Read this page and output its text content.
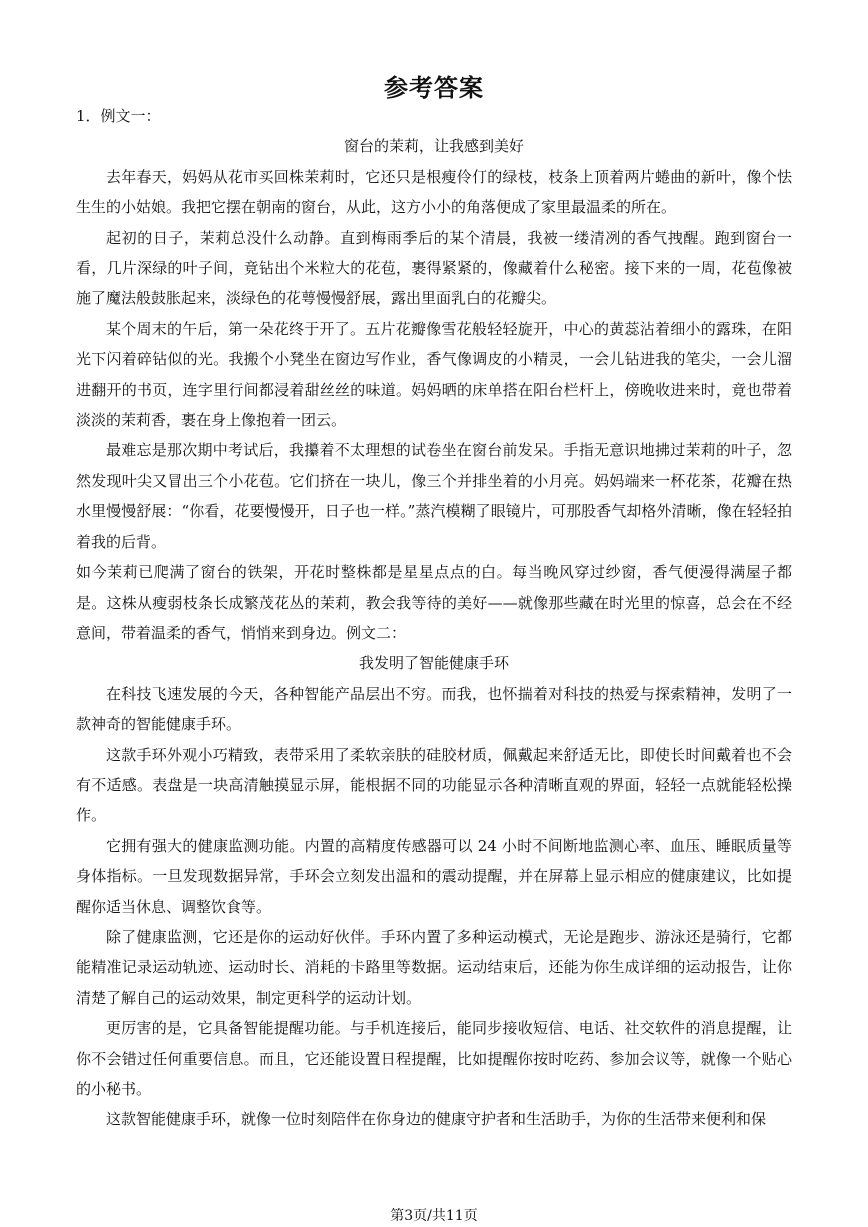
参考答案

1．例文一：

窗台的茉莉，让我感到美好

去年春天，妈妈从花市买回株茉莉时，它还只是根瘦伶仃的绿枝，枝条上顶着两片蜷曲的新叶，像个怯生生的小姑娘。我把它摆在朝南的窗台，从此，这方小小的角落便成了家里最温柔的所在。

起初的日子，茉莉总没什么动静。直到梅雨季后的某个清晨，我被一缕清冽的香气拽醒。跑到窗台一看，几片深绿的叶子间，竟钻出个米粒大的花苞，裹得紧紧的，像藏着什么秘密。接下来的一周，花苞像被施了魔法般鼓胀起来，淡绿色的花萼慢慢舒展，露出里面乳白的花瓣尖。

某个周末的午后，第一朵花终于开了。五片花瓣像雪花般轻轻旋开，中心的黄蕊沾着细小的露珠，在阳光下闪着碎钻似的光。我搬个小凳坐在窗边写作业，香气像调皮的小精灵，一会儿钻进我的笔尖，一会儿溜进翻开的书页，连字里行间都浸着甜丝丝的味道。妈妈晒的床单搭在阳台栏杆上，傍晚收进来时，竟也带着淡淡的茉莉香，裹在身上像抱着一团云。

最难忘是那次期中考试后，我攥着不太理想的试卷坐在窗台前发呆。手指无意识地拂过茉莉的叶子，忽然发现叶尖又冒出三个小花苞。它们挤在一块儿，像三个并排坐着的小月亮。妈妈端来一杯花茶，花瓣在热水里慢慢舒展：“你看，花要慢慢开，日子也一样。”蒸汽模糊了眼镜片，可那股香气却格外清晰，像在轻轻拍着我的后背。

如今茉莉已爬满了窗台的铁架，开花时整株都是星星点点的白。每当晚风穿过纱窗，香气便漫得满屋子都是。这株从瘦弱枝条长成繁茂花丛的茉莉，教会我等待的美好——就像那些藏在时光里的惊喜，总会在不经意间，带着温柔的香气，悄悄来到身边。例文二：

我发明了智能健康手环

在科技飞速发展的今天，各种智能产品层出不穷。而我，也怀揣着对科技的热爱与探索精神，发明了一款神奇的智能健康手环。

这款手环外观小巧精致，表带采用了柔软亲肤的硅胶材质，佩戴起来舒适无比，即使长时间戴着也不会有不适感。表盘是一块高清触摸显示屏，能根据不同的功能显示各种清晰直观的界面，轻轻一点就能轻松操作。

它拥有强大的健康监测功能。内置的高精度传感器可以 24 小时不间断地监测心率、血压、睡眠质量等身体指标。一旦发现数据异常，手环会立刻发出温和的震动提醒，并在屏幕上显示相应的健康建议，比如提醒你适当休息、调整饮食等。

除了健康监测，它还是你的运动好伙伴。手环内置了多种运动模式，无论是跑步、游泳还是骑行，它都能精准记录运动轨迹、运动时长、消耗的卡路里等数据。运动结束后，还能为你生成详细的运动报告，让你清楚了解自己的运动效果，制定更科学的运动计划。

更厉害的是，它具备智能提醒功能。与手机连接后，能同步接收短信、电话、社交软件的消息提醒，让你不会错过任何重要信息。而且，它还能设置日程提醒，比如提醒你按时吃药、参加会议等，就像一个贴心的小秘书。

这款智能健康手环，就像一位时刻陪伴在你身边的健康守护者和生活助手，为你的生活带来便利和保

第3页/共11页
